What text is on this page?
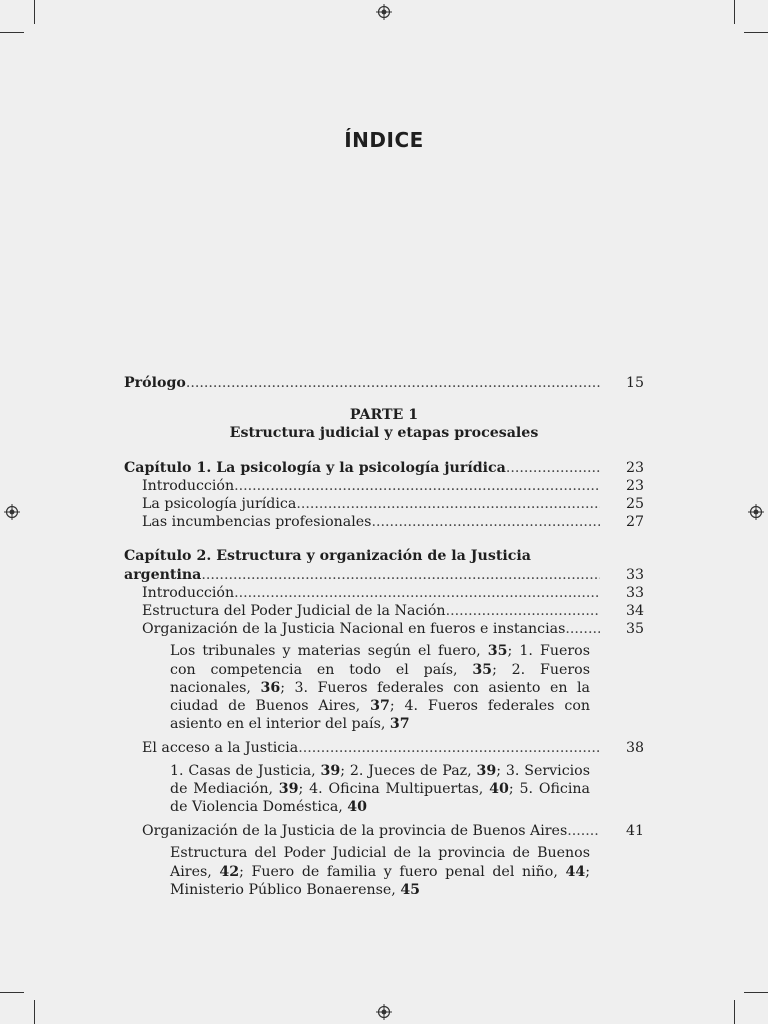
ÍNDICE
Prólogo .....	15
PARTE 1
Estructura judicial y etapas procesales
Capítulo 1. La psicología y la psicología jurídica .....	23
Introducción .....	23
La psicología jurídica .....	25
Las incumbencias profesionales .....	27
Capítulo 2. Estructura y organización de la Justicia
argentina .....	33
Introducción .....	33
Estructura del Poder Judicial de la Nación .....	34
Organización de la Justicia Nacional en fueros e instancias .....	35
Los tribunales y materias según el fuero, 35; 1. Fueros con competencia en todo el país, 35; 2. Fueros nacionales, 36; 3. Fueros federales con asiento en la ciudad de Buenos Aires, 37; 4. Fueros federales con asiento en el interior del país, 37
El acceso a la Justicia .....	38
1. Casas de Justicia, 39; 2. Jueces de Paz, 39; 3. Servicios de Mediación, 39; 4. Oficina Multipuertas, 40; 5. Oficina de Violencia Doméstica, 40
Organización de la Justicia de la provincia de Buenos Aires .....	41
Estructura del Poder Judicial de la provincia de Buenos Aires, 42; Fuero de familia y fuero penal del niño, 44; Ministerio Público Bonaerense, 45
